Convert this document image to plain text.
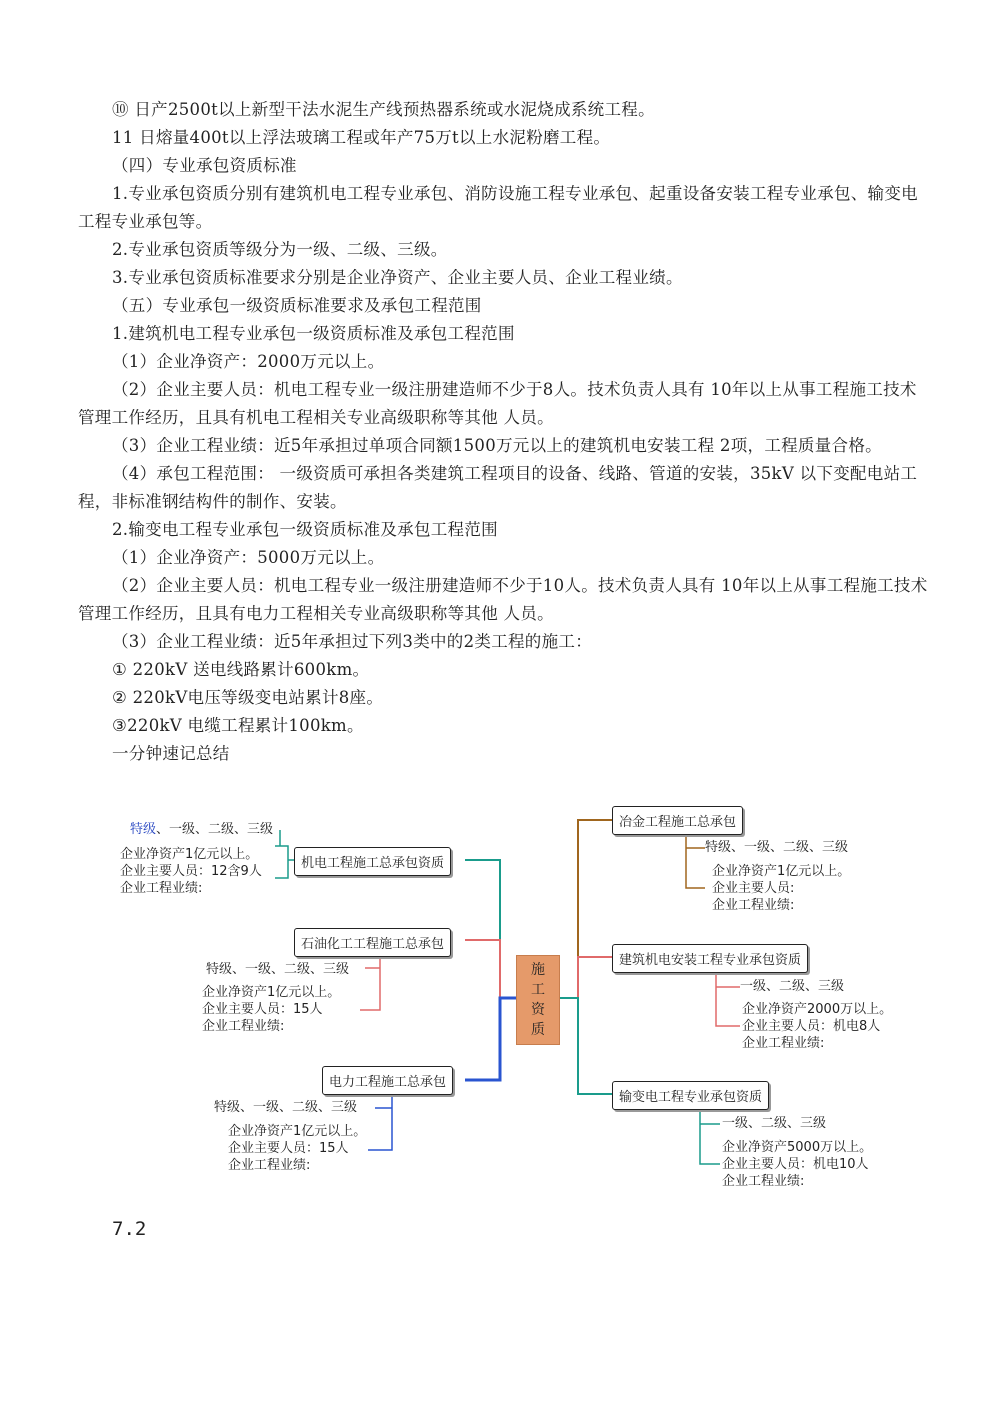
⑩ 日产2500t以上新型干法水泥生产线预热器系统或水泥烧成系统工程。

11 日熔量400t以上浮法玻璃工程或年产75万t以上水泥粉磨工程。

（四）专业承包资质标准

1.专业承包资质分别有建筑机电工程专业承包、消防设施工程专业承包、起重设备安装工程专业承包、输变电工程专业承包等。

2.专业承包资质等级分为一级、二级、三级。

3.专业承包资质标准要求分别是企业净资产、企业主要人员、企业工程业绩。

（五）专业承包一级资质标准要求及承包工程范围

1.建筑机电工程专业承包一级资质标准及承包工程范围

（1）企业净资产：2000万元以上。

（2）企业主要人员：机电工程专业一级注册建造师不少于8人。技术负责人具有 10年以上从事工程施工技术管理工作经历，且具有机电工程相关专业高级职称等其他 人员。

（3）企业工程业绩：近5年承担过单项合同额1500万元以上的建筑机电安装工程 2项，工程质量合格。

（4）承包工程范围： 一级资质可承担各类建筑工程项目的设备、线路、管道的安装，35kV 以下变配电站工程，非标准钢结构件的制作、安装。

2.输变电工程专业承包一级资质标准及承包工程范围

（1）企业净资产：5000万元以上。

（2）企业主要人员：机电工程专业一级注册建造师不少于10人。技术负责人具有 10年以上从事工程施工技术管理工作经历，且具有电力工程相关专业高级职称等其他 人员。

（3）企业工程业绩：近5年承担过下列3类中的2类工程的施工：

① 220kV 送电线路累计600km。

② 220kV电压等级变电站累计8座。

③220kV 电缆工程累计100km。

一分钟速记总结

施工资质
机电工程施工总承包资质
特级、一级、二级、三级
企业净资产1亿元以上。
企业主要人员：12含9人
企业工程业绩:
石油化工工程施工总承包
特级、一级、二级、三级
企业净资产1亿元以上。
企业主要人员：15人
企业工程业绩:
电力工程施工总承包
特级、一级、二级、三级
企业净资产1亿元以上。
企业主要人员：15人
企业工程业绩:
冶金工程施工总承包
特级、一级、二级、三级
企业净资产1亿元以上。
企业主要人员:
企业工程业绩:
建筑机电安装工程专业承包资质
一级、二级、三级
企业净资产2000万以上。
企业主要人员：机电8人
企业工程业绩:
输变电工程专业承包资质
一级、二级、三级
企业净资产5000万以上。
企业主要人员：机电10人
企业工程业绩:
7.2
